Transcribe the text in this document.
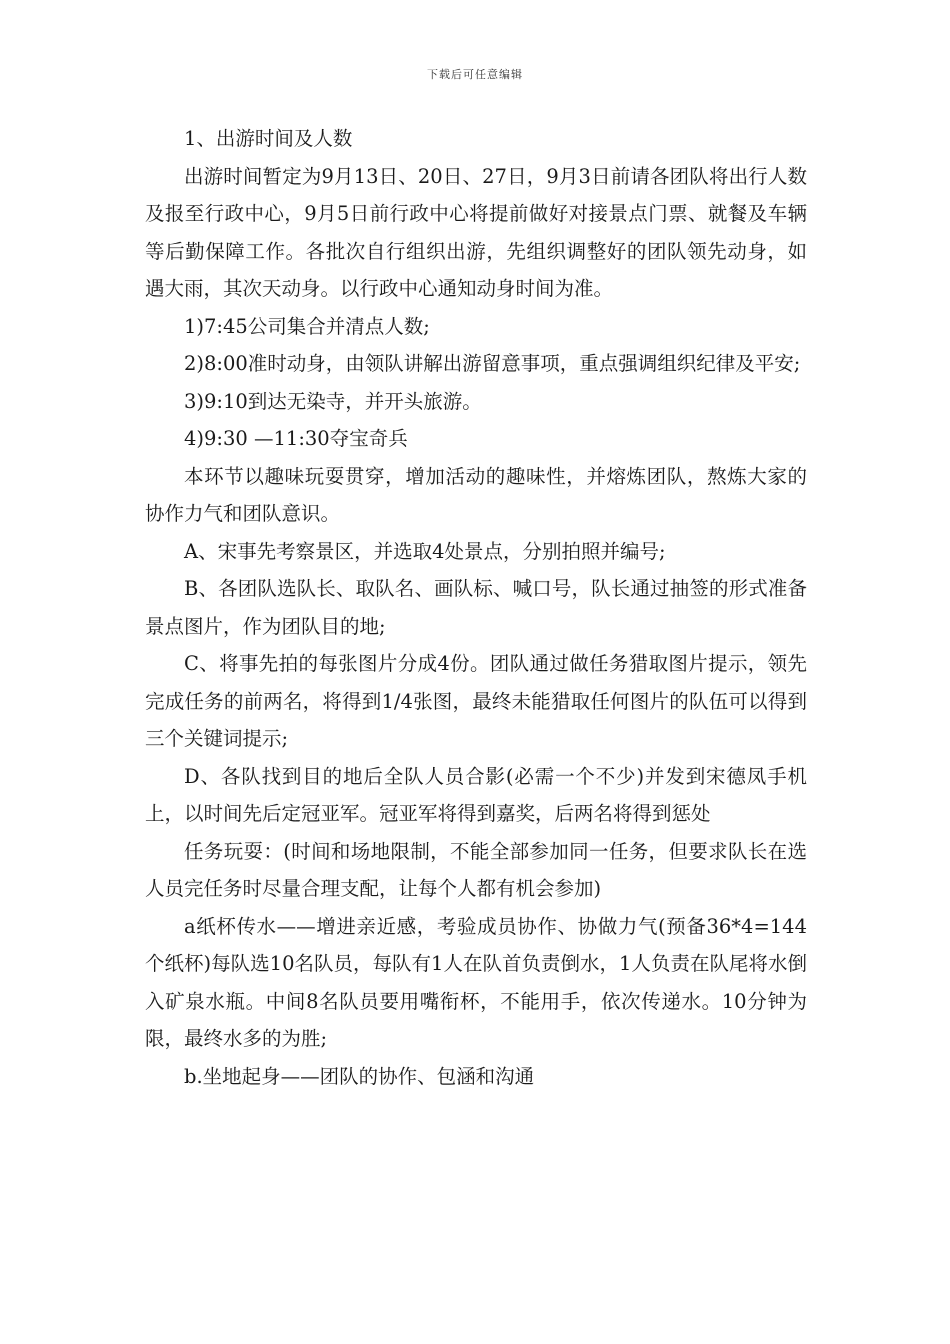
下载后可任意编辑

1、出游时间及人数

出游时间暂定为9月13日、20日、27日，9月3日前请各团队将出行人数及报至行政中心，9月5日前行政中心将提前做好对接景点门票、就餐及车辆等后勤保障工作。各批次自行组织出游，先组织调整好的团队领先动身，如遇大雨，其次天动身。以行政中心通知动身时间为准。

1)7:45公司集合并清点人数;

2)8:00准时动身，由领队讲解出游留意事项，重点强调组织纪律及平安;

3)9:10到达无染寺，并开头旅游。

4)9:30 —11:30夺宝奇兵

本环节以趣味玩耍贯穿，增加活动的趣味性，并熔炼团队，熬炼大家的协作力气和团队意识。

A、宋事先考察景区，并选取4处景点，分别拍照并编号;

B、各团队选队长、取队名、画队标、喊口号，队长通过抽签的形式准备景点图片，作为团队目的地;

C、将事先拍的每张图片分成4份。团队通过做任务猎取图片提示，领先完成任务的前两名，将得到1/4张图，最终未能猎取任何图片的队伍可以得到三个关键词提示;

D、各队找到目的地后全队人员合影(必需一个不少)并发到宋德凤手机上，以时间先后定冠亚军。冠亚军将得到嘉奖，后两名将得到惩处

任务玩耍：(时间和场地限制，不能全部参加同一任务，但要求队长在选人员完任务时尽量合理支配，让每个人都有机会参加)

a纸杯传水——增进亲近感，考验成员协作、协做力气(预备36*4=144个纸杯)每队选10名队员，每队有1人在队首负责倒水，1人负责在队尾将水倒入矿泉水瓶。中间8名队员要用嘴衔杯，不能用手，依次传递水。10分钟为限，最终水多的为胜;

b.坐地起身——团队的协作、包涵和沟通
